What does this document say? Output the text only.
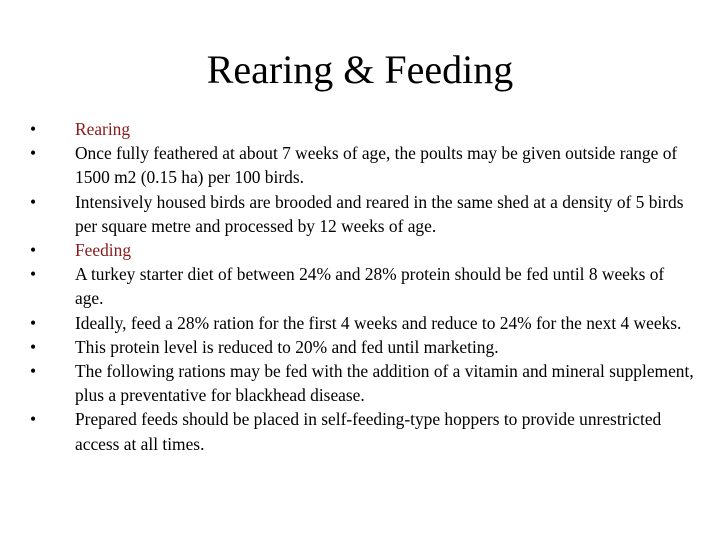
Rearing & Feeding
•	Rearing
•	Once fully feathered at about 7 weeks of age, the poults may be given outside range of 1500 m2 (0.15 ha) per 100 birds.
•	Intensively housed birds are brooded and reared in the same shed at a density of 5 birds per square metre and processed by 12 weeks of age.
•	Feeding
•	A turkey starter diet of between 24% and 28% protein should be fed until 8 weeks of age.
•	Ideally, feed a 28% ration for the first 4 weeks and reduce to 24% for the next 4 weeks.
•	This protein level is reduced to 20% and fed until marketing.
•	The following rations may be fed with the addition of a vitamin and mineral supplement, plus a preventative for blackhead disease.
•	Prepared feeds should be placed in self-feeding-type hoppers to provide unrestricted access at all times.
